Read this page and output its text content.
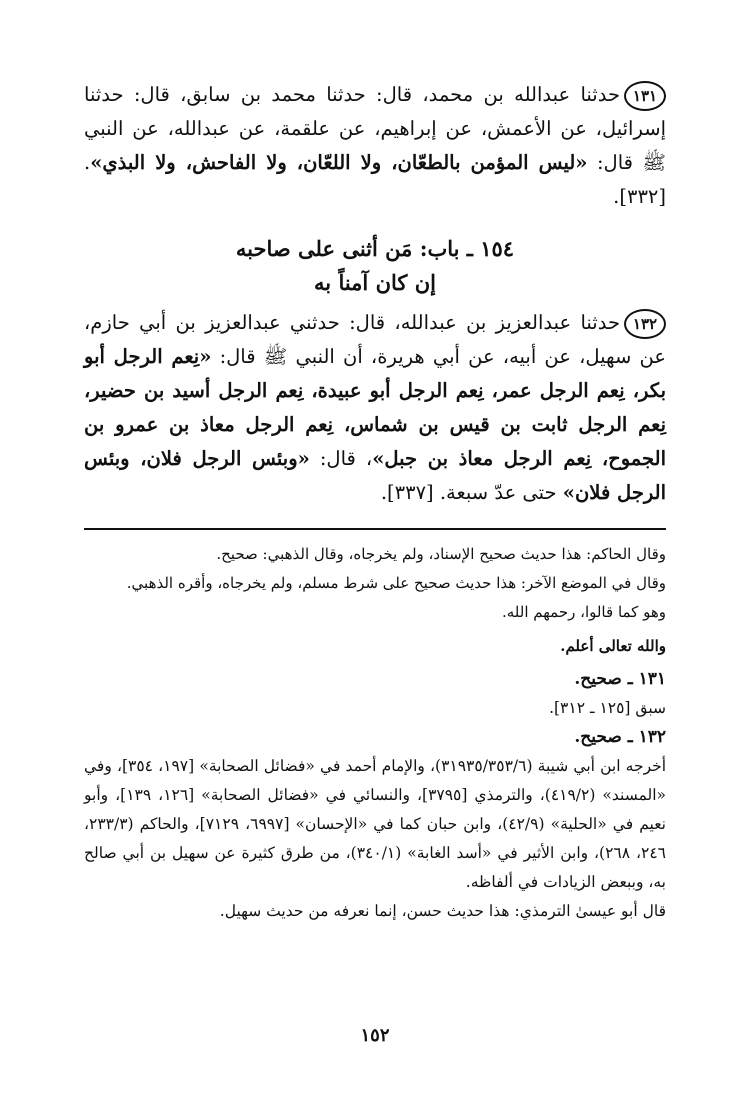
١٣١حدثنا عبدالله بن محمد، قال: حدثنا محمد بن سابق، قال: حدثنا إسرائيل، عن الأعمش، عن إبراهيم، عن علقمة، عن عبدالله، عن النبي ﷺ قال: «ليس المؤمن بالطعّان، ولا اللعّان، ولا الفاحش، ولا البذي». [٣٣٢].

١٥٤ ـ باب: مَن أثنى على صاحبه
إن كان آمناً به

١٣٢حدثنا عبدالعزيز بن عبدالله، قال: حدثني عبدالعزيز بن أبي حازم، عن سهيل، عن أبيه، عن أبي هريرة، أن النبي ﷺ قال: «نِعم الرجل أبو بكر، نِعم الرجل عمر، نِعم الرجل أبو عبيدة، نِعم الرجل أسيد بن حضير، نِعم الرجل ثابت بن قيس بن شماس، نِعم الرجل معاذ بن عمرو بن الجموح، نِعم الرجل معاذ بن جبل»، قال: «وبئس الرجل فلان، وبئس الرجل فلان» حتى عدّ سبعة. [٣٣٧].

وقال الحاكم: هذا حديث صحيح الإسناد، ولم يخرجاه، وقال الذهبي: صحيح.

وقال في الموضع الآخر: هذا حديث صحيح على شرط مسلم، ولم يخرجاه، وأقره الذهبي.

وهو كما قالوا، رحمهم الله.

والله تعالى أعلم.
١٣١ ـ صحيح.

سبق [١٢٥ ـ ٣١٢].

١٣٢ ـ صحيح.

أخرجه ابن أبي شيبة (٣١٩٣٥/٣٥٣/٦)، والإمام أحمد في «فضائل الصحابة» [١٩٧، ٣٥٤]، وفي «المسند» (٤١٩/٢)، والترمذي [٣٧٩٥]، والنسائي في «فضائل الصحابة» [١٢٦، ١٣٩]، وأبو نعيم في «الحلية» (٤٢/٩)، وابن حبان كما في «الإحسان» [٦٩٩٧، ٧١٢٩]، والحاكم (٢٣٣/٣، ٢٤٦، ٢٦٨)، وابن الأثير في «أسد الغابة» (٣٤٠/١)، من طرق كثيرة عن سهيل بن أبي صالح به، وببعض الزيادات في ألفاظه.

قال أبو عيسىٰ الترمذي: هذا حديث حسن، إنما نعرفه من حديث سهيل.

١٥٢
